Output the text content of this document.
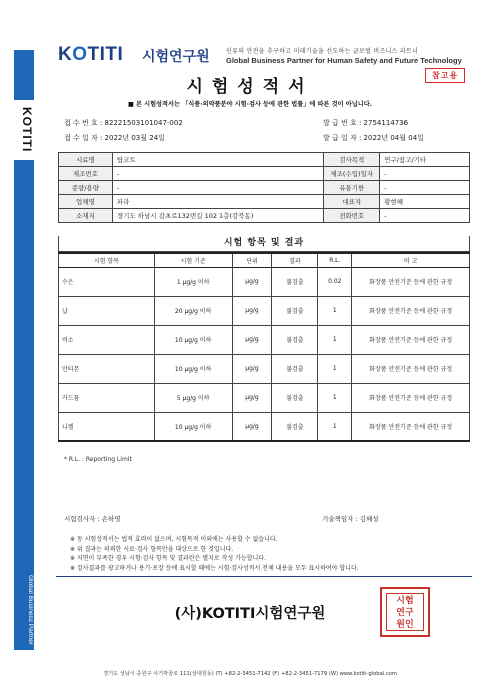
KOTITI
Global Business Partner
KOTITI 시험연구원	인류의 안전을 추구하고 미래기술을 선도하는 글로벌 비즈니스 파트너
Global Business Partner for Human Safety and Future Technology
시험성적서
참고용
■ 본 시험성적서는 「식품·의약품분야 시험·검사 등에 관한 법률」에 따른 것이 아닙니다.
접 수 번 호 : 82221503101047-002	발 급 번 호 : 2754114736
접 수 일 자 : 2022년 03월 24일	발 급 일 자 : 2022년 04월 04일
시료명	탑코트	검사목적	연구/참고/기타
제조번호	-	제조(수입)일자	-
종량/용량	-	유통기한	-
업체명	파라	대표자	황현혜
소재지	경기도 하남시 감초로132번길 102 1층(감북동)	전화번호	-
시험 항목 및 결과
시험 항목	시험 기준	단위	결과	R.L.	비 고
수은	1 μg/g 이하	μg/g	불검출	0.02	화장품 안전기준 등에 관한 규정
납	20 μg/g 이하	μg/g	불검출	1	화장품 안전기준 등에 관한 규정
비소	10 μg/g 이하	μg/g	불검출	1	화장품 안전기준 등에 관한 규정
안티몬	10 μg/g 이하	μg/g	불검출	1	화장품 안전기준 등에 관한 규정
카드뮴	5 μg/g 이하	μg/g	불검출	1	화장품 안전기준 등에 관한 규정
니켈	10 μg/g 이하	μg/g	불검출	1	화장품 안전기준 등에 관한 규정
* R.L. : Reporting Limit
시험검사자 : 손하영	기술책임자 : 김혜성
※ 동 시험성적서는 법적 효력이 없으며, 시험목적 이외에는 사용할 수 없습니다.
※ 위 결과는 의뢰한 시료·검사 항목만을 대상으로 한 것입니다.
※ 지면이 부족한 경우 시험·검사 항목 및 결과란은 별지로 작성 가능합니다.
※ 검사결과를 광고하거나 용기·포장 등에 표시할 때에는 시험·검사성적서 전체 내용을 모두 표시하여야 합니다.
(사)KOTITI시험연구원
시험
연구
원인
경기도 성남시 중원구 사기막골로 111(상대원동) (T) +82-2-3451-7142 (F) +82-2-3451-7179 (W) www.kotiti-global.com
